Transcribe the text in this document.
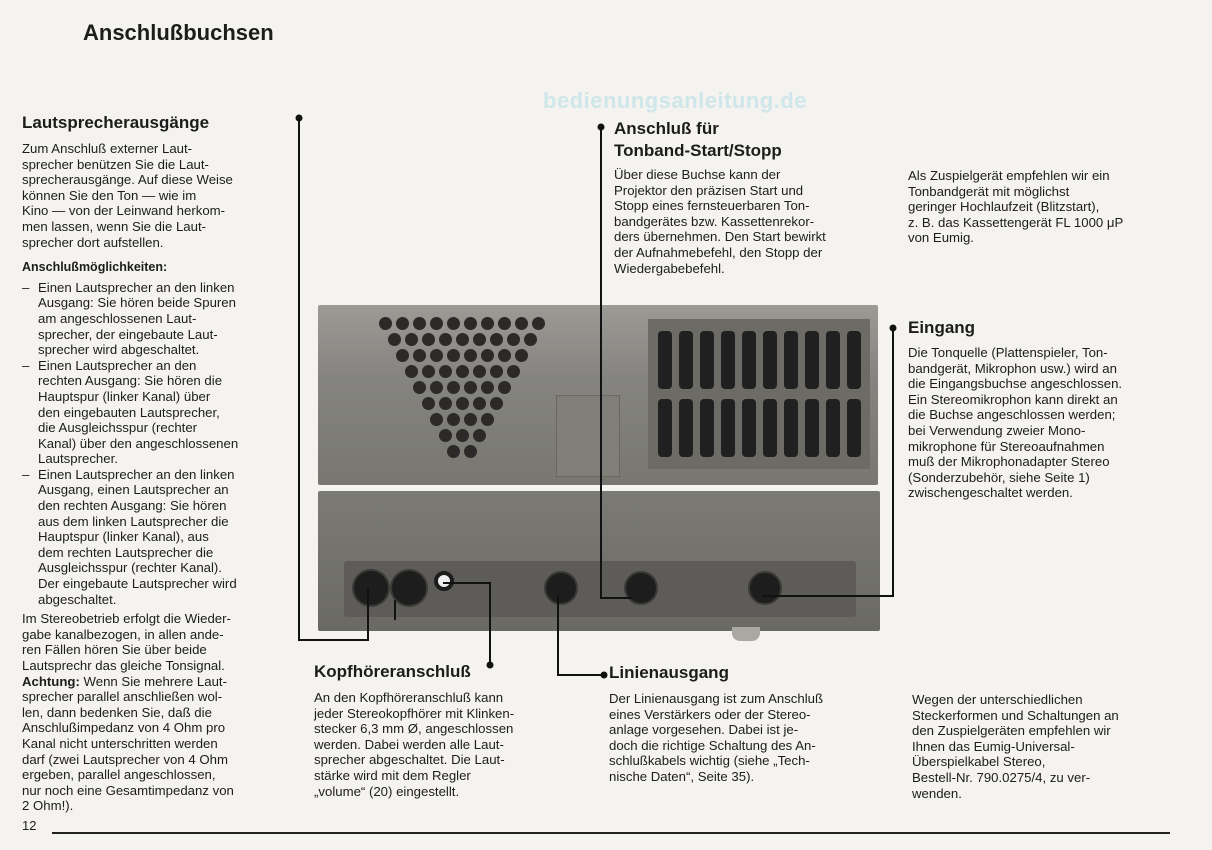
Anschlußbuchsen
bedienungsanleitung.de
Lautsprecherausgänge
Zum Anschluß externer Laut-
sprecher benützen Sie die Laut-
sprecherausgänge. Auf diese Weise
können Sie den Ton — wie im
Kino — von der Leinwand herkom-
men lassen, wenn Sie die Laut-
sprecher dort aufstellen.
Anschlußmöglichkeiten:
– Einen Lautsprecher an den linken
Ausgang: Sie hören beide Spuren
am angeschlossenen Laut-
sprecher, der eingebaute Laut-
sprecher wird abgeschaltet.
– Einen Lautsprecher an den
rechten Ausgang: Sie hören die
Hauptspur (linker Kanal) über
den eingebauten Lautsprecher,
die Ausgleichsspur (rechter
Kanal) über den angeschlossenen
Lautsprecher.
– Einen Lautsprecher an den linken
Ausgang, einen Lautsprecher an
den rechten Ausgang: Sie hören
aus dem linken Lautsprecher die
Hauptspur (linker Kanal), aus
dem rechten Lautsprecher die
Ausgleichsspur (rechter Kanal).
Der eingebaute Lautsprecher wird
abgeschaltet.
Im Stereobetrieb erfolgt die Wieder-
gabe kanalbezogen, in allen ande-
ren Fällen hören Sie über beide
Lautsprechr das gleiche Tonsignal.
Achtung: Wenn Sie mehrere Laut-
sprecher parallel anschließen wol-
len, dann bedenken Sie, daß die
Anschlußimpedanz von 4 Ohm pro
Kanal nicht unterschritten werden
darf (zwei Lautsprecher von 4 Ohm
ergeben, parallel angeschlossen,
nur noch eine Gesamtimpedanz von
2 Ohm!).
Anschluß für
Tonband-Start/Stopp
Über diese Buchse kann der
Projektor den präzisen Start und
Stopp eines fernsteuerbaren Ton-
bandgerätes bzw. Kassettenrekor-
ders übernehmen. Den Start bewirkt
der Aufnahmebefehl, den Stopp der
Wiedergabebefehl.
Als Zuspielgerät empfehlen wir ein
Tonbandgerät mit möglichst
geringer Hochlaufzeit (Blitzstart),
z. B. das Kassettengerät FL 1000 μP
von Eumig.
Eingang
Die Tonquelle (Plattenspieler, Ton-
bandgerät, Mikrophon usw.) wird an
die Eingangsbuchse angeschlossen.
Ein Stereomikrophon kann direkt an
die Buchse angeschlossen werden;
bei Verwendung zweier Mono-
mikrophone für Stereoaufnahmen
muß der Mikrophonadapter Stereo
(Sonderzubehör, siehe Seite 1)
zwischengeschaltet werden.
Kopfhöreranschluß
An den Kopfhöreranschluß kann
jeder Stereokopfhörer mit Klinken-
stecker 6,3 mm Ø, angeschlossen
werden. Dabei werden alle Laut-
sprecher abgeschaltet. Die Laut-
stärke wird mit dem Regler
„volume“ (20) eingestellt.
Linienausgang
Der Linienausgang ist zum Anschluß
eines Verstärkers oder der Stereo-
anlage vorgesehen. Dabei ist je-
doch die richtige Schaltung des An-
schlußkabels wichtig (siehe „Tech-
nische Daten“, Seite 35).
Wegen der unterschiedlichen
Steckerformen und Schaltungen an
den Zuspielgeräten empfehlen wir
Ihnen das Eumig-Universal-
Überspielkabel Stereo,
Bestell-Nr. 790.0275/4, zu ver-
wenden.
12
